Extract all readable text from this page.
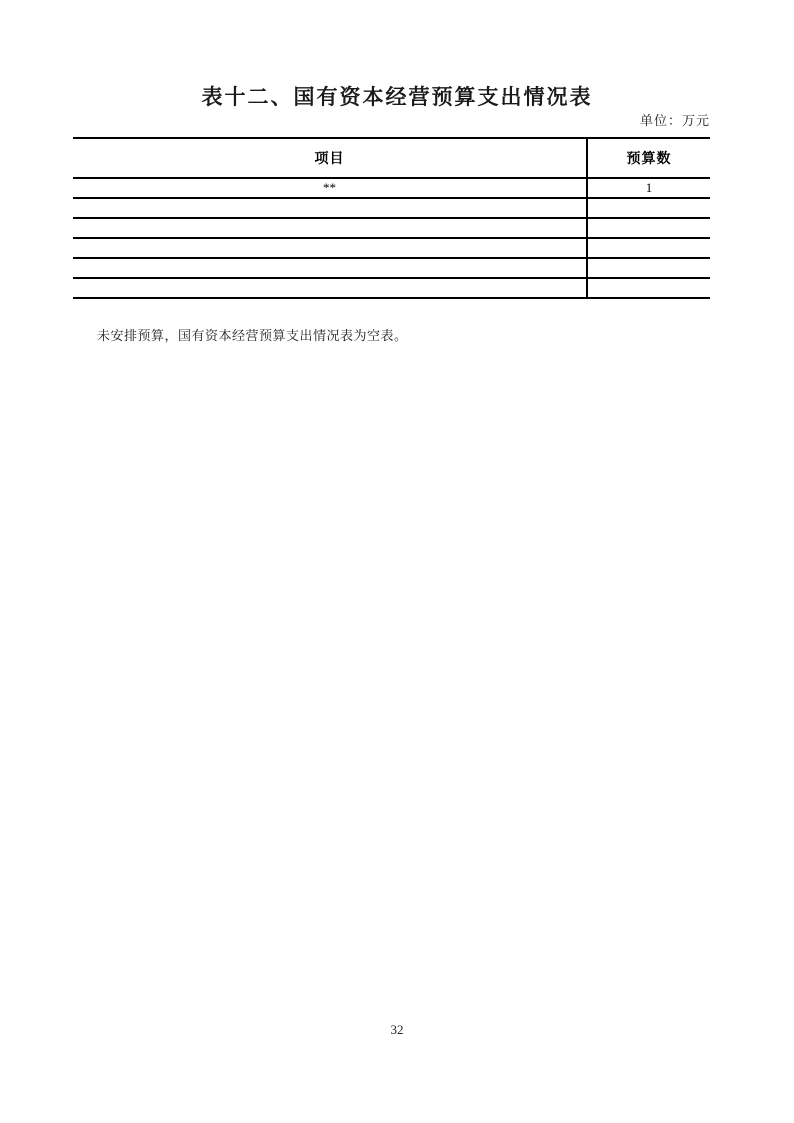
表十二、国有资本经营预算支出情况表
单位：万元
项目	预算数
**	1

未安排预算，国有资本经营预算支出情况表为空表。
32
